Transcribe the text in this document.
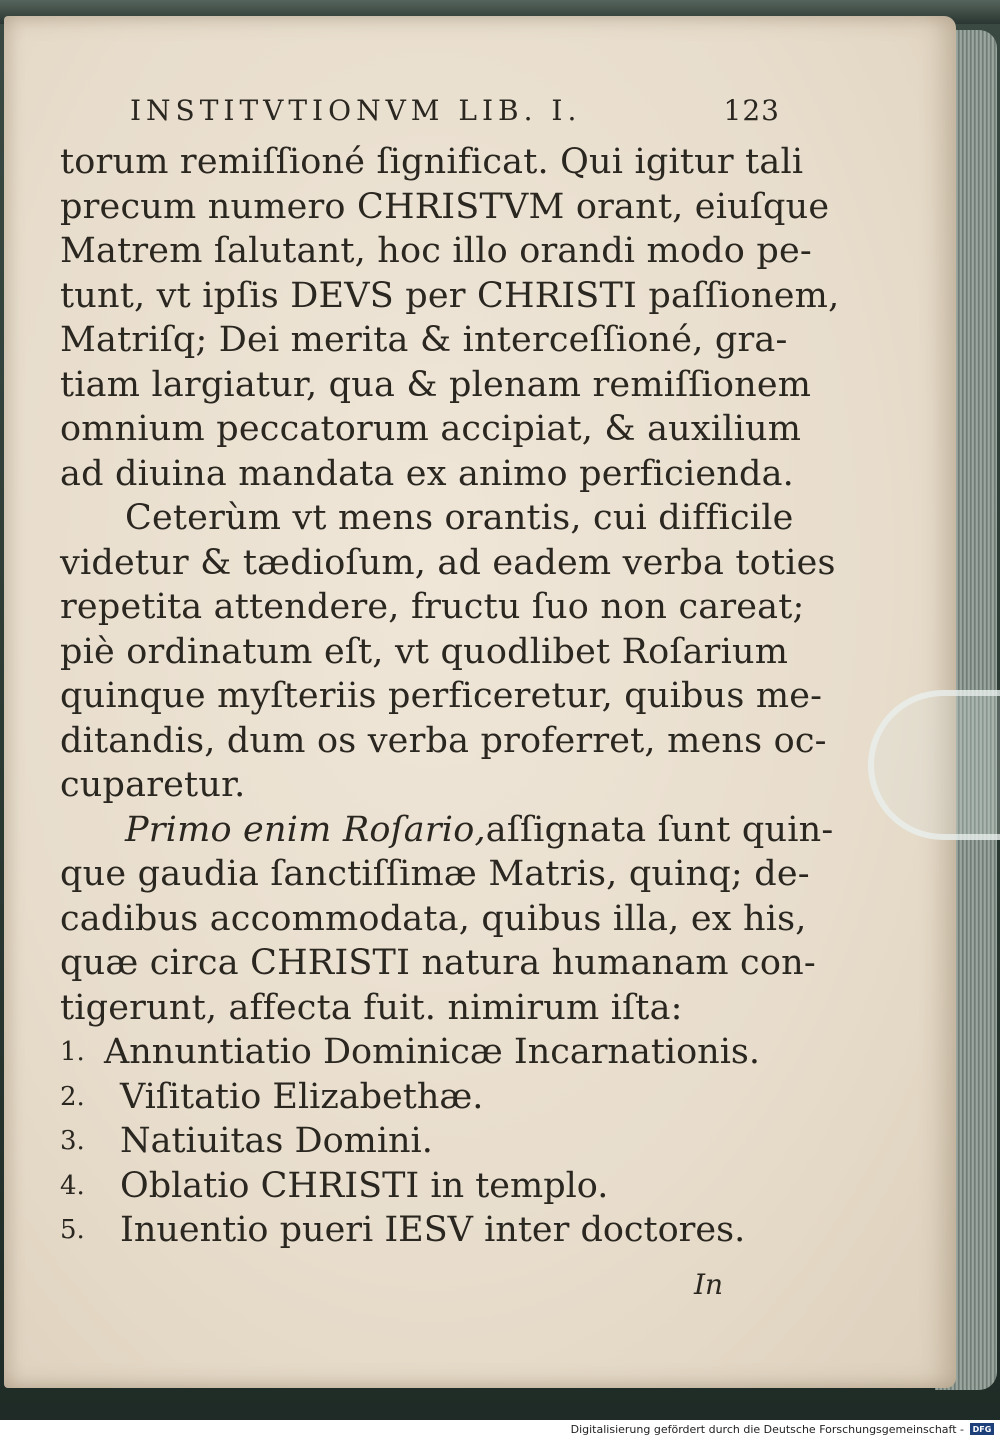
INSTITVTIONVM LIB. I.	123
torum remiſſioné ſignificat. Qui igitur tali
precum numero CHRISTVM orant, eiuſque
Matrem ſalutant, hoc illo orandi modo pe-
tunt, vt ipſis DEVS per CHRISTI paſſionem,
Matriſq; Dei merita & interceſſioné, gra-
tiam largiatur, qua & plenam remiſſionem
omnium peccatorum accipiat, & auxilium
ad diuina mandata ex animo perficienda.
Ceterùm vt mens orantis, cui difficile
videtur & tædioſum, ad eadem verba toties
repetita attendere, fructu ſuo non careat;
piè ordinatum eſt, vt quodlibet Roſarium
quinque myſteriis perficeretur, quibus me-
ditandis, dum os verba proferret, mens oc-
cuparetur.
Primo enim Roſario,aſſignata ſunt quin-
que gaudia ſanctiſſimæ Matris, quinq; de-
cadibus accommodata, quibus illa, ex his,
quæ circa CHRISTI natura humanam con-
tigerunt, affecta fuit. nimirum iſta:
1. Annuntiatio Dominicæ Incarnationis.
2.	Viſitatio Elizabethæ.
3.	Natiuitas Domini.
4.	Oblatio CHRISTI in templo.
5.	Inuentio pueri IESV inter doctores.
In
Digitalisierung gefördert durch die Deutsche Forschungsgemeinschaft -	DFG
